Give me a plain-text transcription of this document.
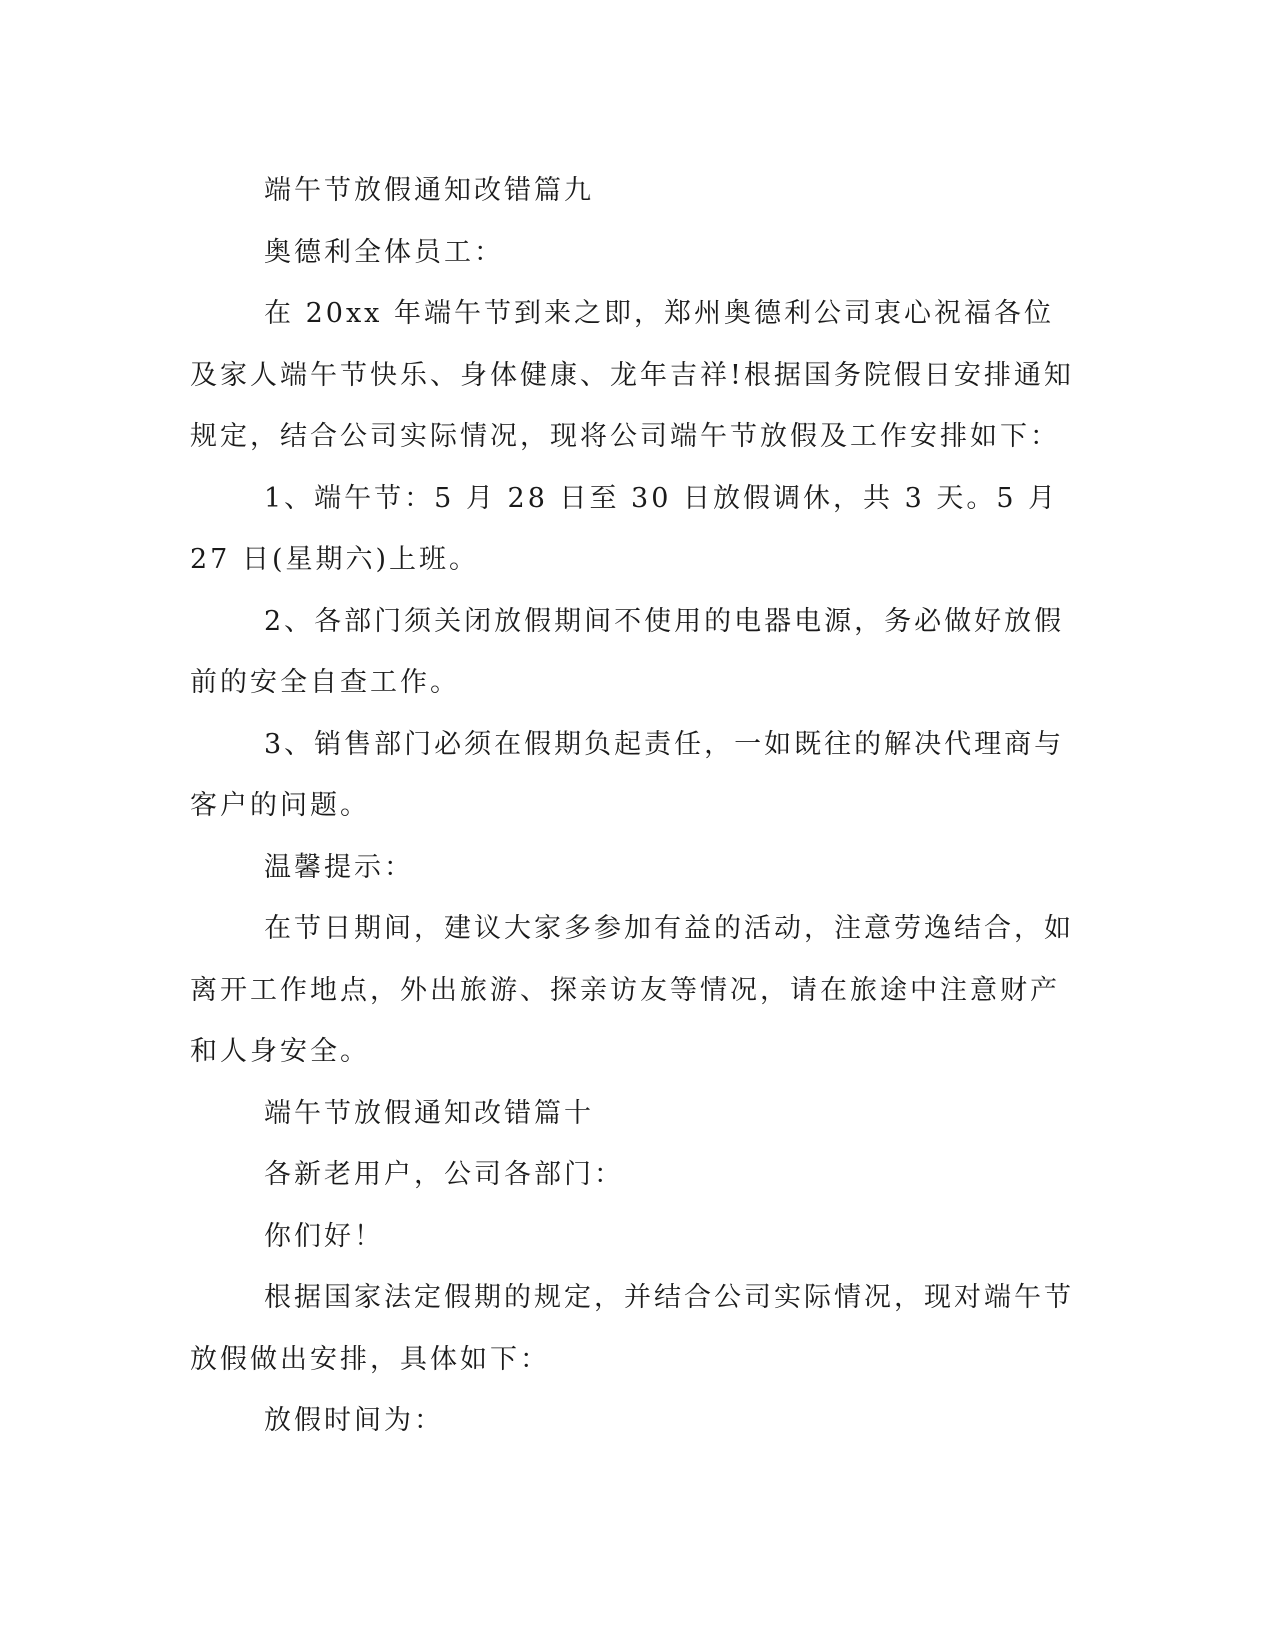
端午节放假通知改错篇九

奥德利全体员工：

在 20xx 年端午节到来之即，郑州奥德利公司衷心祝福各位及家人端午节快乐、身体健康、龙年吉祥!根据国务院假日安排通知规定，结合公司实际情况，现将公司端午节放假及工作安排如下：

1、端午节：5 月 28 日至 30 日放假调休，共 3 天。5 月 27 日(星期六)上班。

2、各部门须关闭放假期间不使用的电器电源，务必做好放假前的安全自查工作。

3、销售部门必须在假期负起责任，一如既往的解决代理商与客户的问题。

温馨提示：

在节日期间，建议大家多参加有益的活动，注意劳逸结合，如离开工作地点，外出旅游、探亲访友等情况，请在旅途中注意财产和人身安全。

端午节放假通知改错篇十

各新老用户，公司各部门：

你们好！

根据国家法定假期的规定，并结合公司实际情况，现对端午节放假做出安排，具体如下：

放假时间为：
